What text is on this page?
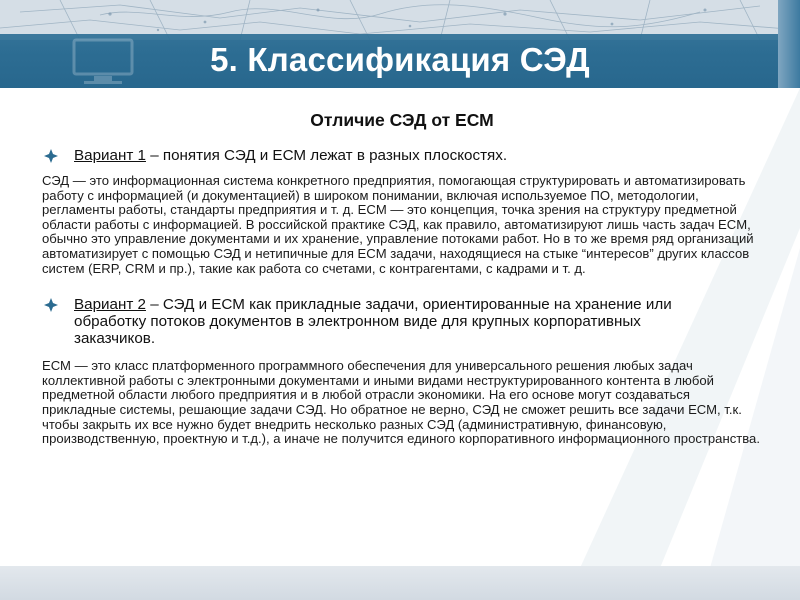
5. Классификация СЭД
Отличие СЭД от ЕСМ
Вариант 1 – понятия СЭД и ЕСМ лежат в разных плоскостях.
СЭД — это информационная система конкретного предприятия, помогающая структурировать и автоматизировать работу с информацией (и документацией) в широком понимании, включая используемое ПО, методологии, регламенты работы, стандарты предприятия и т. д. ECM — это концепция, точка зрения на структуру предметной области работы с информацией. В российской практике СЭД, как правило, автоматизируют лишь часть задач ECM, обычно это управление документами и их хранение, управление потоками работ. Но в то же время ряд организаций автоматизирует с помощью СЭД и нетипичные для ECM задачи, находящиеся на стыке “интересов” других классов систем (ERP, CRM и пр.), такие как работа со счетами, с контрагентами, с кадрами и т. д.
Вариант 2 – СЭД и ЕСМ как прикладные задачи, ориентированные на хранение или обработку потоков документов в электронном виде для крупных корпоративных заказчиков.
ЕСМ — это класс платформенного программного обеспечения для универсального решения любых задач коллективной работы с электронными документами и иными видами неструктурированного контента в любой предметной области любого предприятия и в любой отрасли экономики. На его основе могут создаваться прикладные системы, решающие задачи СЭД. Но обратное не верно, СЭД не сможет решить все задачи ЕСМ, т.к. чтобы закрыть их все нужно будет внедрить несколько разных СЭД (административную, финансовую, производственную, проектную и т.д.), а иначе не получится единого корпоративного информационного пространства.
